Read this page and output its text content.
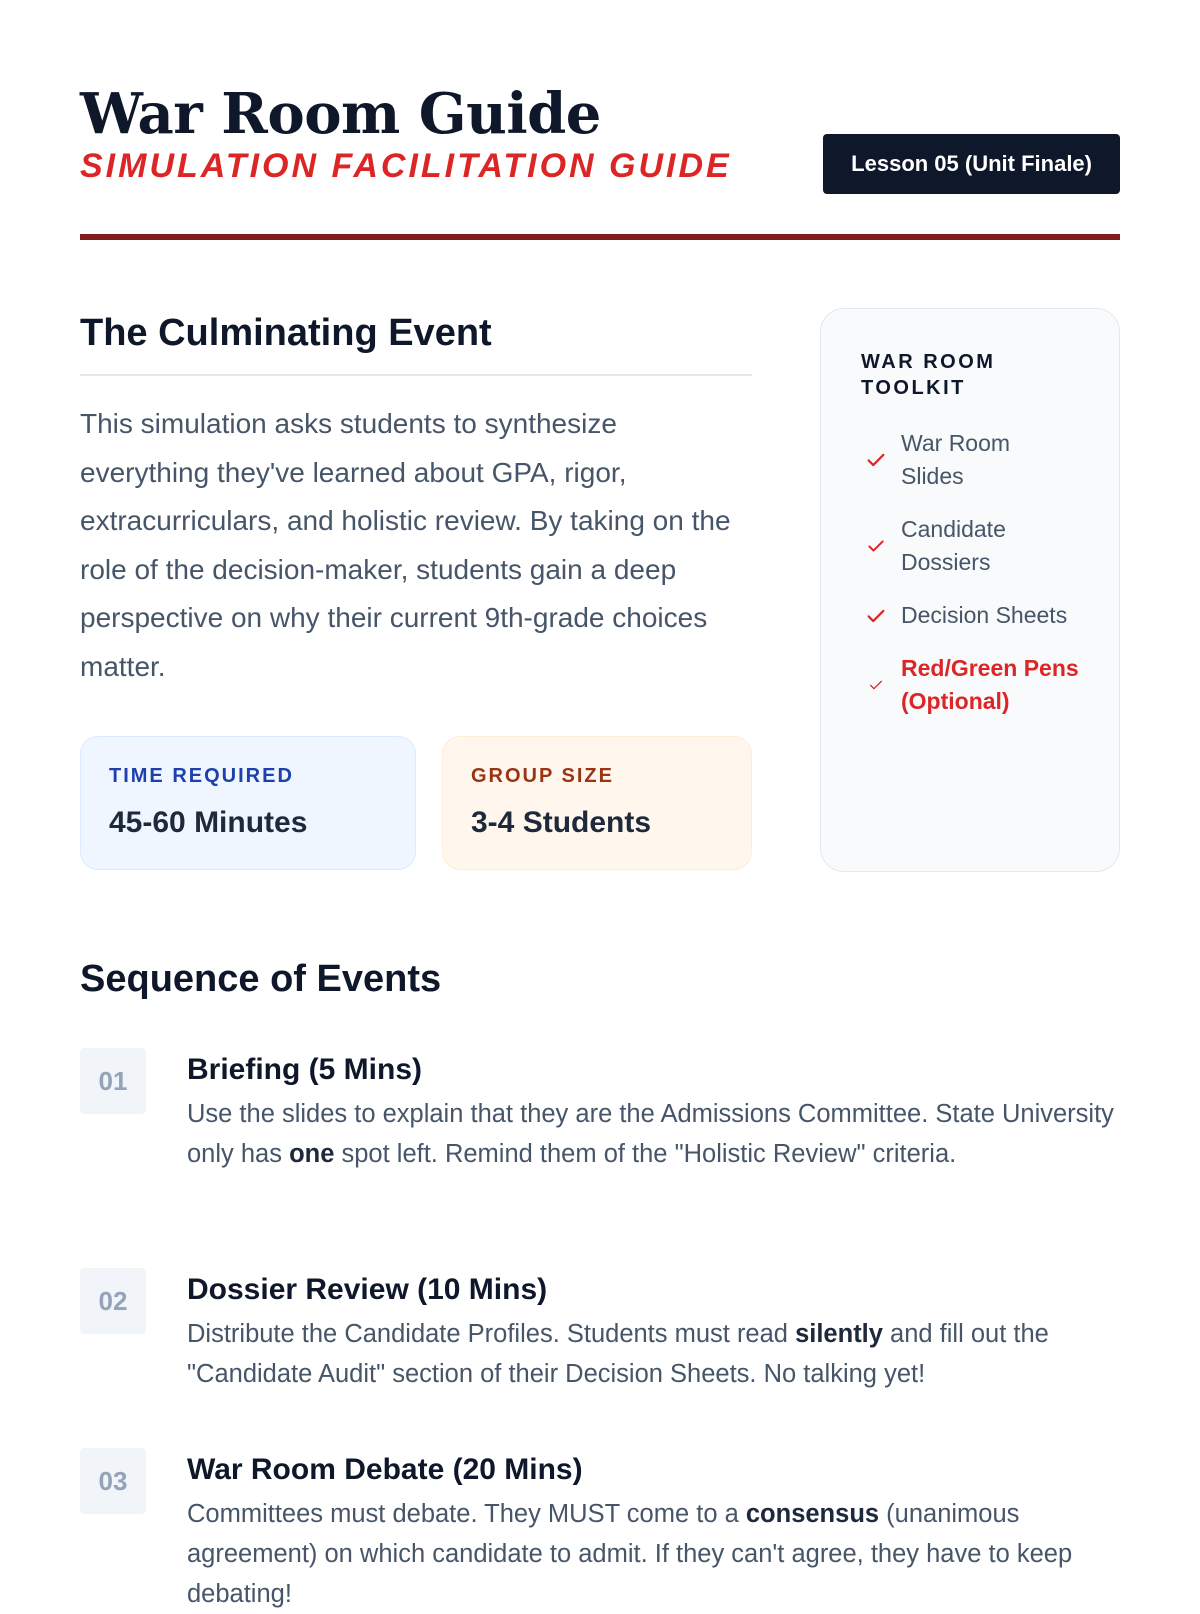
War Room Guide
SIMULATION FACILITATION GUIDE	Lesson 05 (Unit Finale)
The Culminating Event

This simulation asks students to synthesize everything they've learned about GPA, rigor, extracurriculars, and holistic review. By taking on the role of the decision-maker, students gain a deep perspective on why their current 9th-grade choices matter.

TIME REQUIRED
45-60 Minutes
GROUP SIZE
3-4 Students
WAR ROOM TOOLKIT
War Room Slides
Candidate Dossiers
Decision Sheets
Red/Green Pens (Optional)
Sequence of Events
01	Briefing (5 Mins)

Use the slides to explain that they are the Admissions Committee. State University only has one spot left. Remind them of the "Holistic Review" criteria.

02	Dossier Review (10 Mins)

Distribute the Candidate Profiles. Students must read silently and fill out the "Candidate Audit" section of their Decision Sheets. No talking yet!

03	War Room Debate (20 Mins)

Committees must debate. They MUST come to a consensus (unanimous agreement) on which candidate to admit. If they can't agree, they have to keep debating!
